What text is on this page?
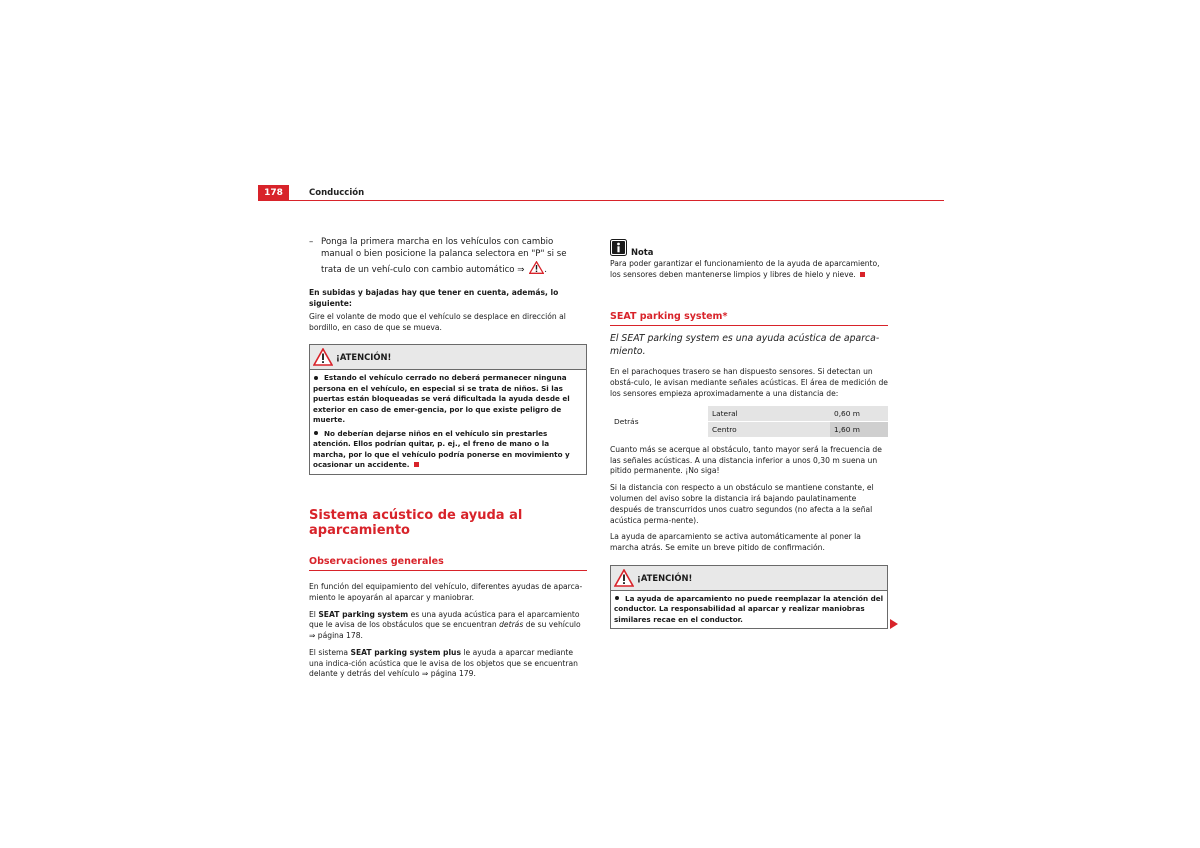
178	Conducción
– Ponga la primera marcha en los vehículos con cambio manual o bien posicione la palanca selectora en "P" si se trata de un vehí-culo con cambio automático ⇒ .

En subidas y bajadas hay que tener en cuenta, además, lo siguiente:

Gire el volante de modo que el vehículo se desplace en dirección al bordillo, en caso de que se mueva.

¡ATENCIÓN!

Estando el vehículo cerrado no deberá permanecer ninguna persona en el vehículo, en especial si se trata de niños. Si las puertas están bloqueadas se verá dificultada la ayuda desde el exterior en caso de emer-gencia, por lo que existe peligro de muerte.

No deberían dejarse niños en el vehículo sin prestarles atención. Ellos podrían quitar, p. ej., el freno de mano o la marcha, por lo que el vehículo podría ponerse en movimiento y ocasionar un accidente.

Sistema acústico de ayuda al aparcamiento
Observaciones generales

En función del equipamiento del vehículo, diferentes ayudas de aparca-miento le apoyarán al aparcar y maniobrar.

El SEAT parking system es una ayuda acústica para el aparcamiento que le avisa de los obstáculos que se encuentran detrás de su vehículo
⇒ página 178.

El sistema SEAT parking system plus le ayuda a aparcar mediante una indica-ción acústica que le avisa de los objetos que se encuentran delante y detrás del vehículo ⇒ página 179.

Nota

Para poder garantizar el funcionamiento de la ayuda de aparcamiento, los sensores deben mantenerse limpios y libres de hielo y nieve.

SEAT parking system*

El SEAT parking system es una ayuda acústica de aparca-miento.

En el parachoques trasero se han dispuesto sensores. Si detectan un obstá-culo, le avisan mediante señales acústicas. El área de medición de los sensores empieza aproximadamente a una distancia de:

Detrás	Lateral	0,60 m
	Centro	1,60 m

Cuanto más se acerque al obstáculo, tanto mayor será la frecuencia de las señales acústicas. A una distancia inferior a unos 0,30 m suena un pitido permanente. ¡No siga!

Si la distancia con respecto a un obstáculo se mantiene constante, el volumen del aviso sobre la distancia irá bajando paulatinamente después de transcurridos unos cuatro segundos (no afecta a la señal acústica perma-nente).

La ayuda de aparcamiento se activa automáticamente al poner la marcha atrás. Se emite un breve pitido de confirmación.

¡ATENCIÓN!

La ayuda de aparcamiento no puede reemplazar la atención del conductor. La responsabilidad al aparcar y realizar maniobras similares recae en el conductor.
